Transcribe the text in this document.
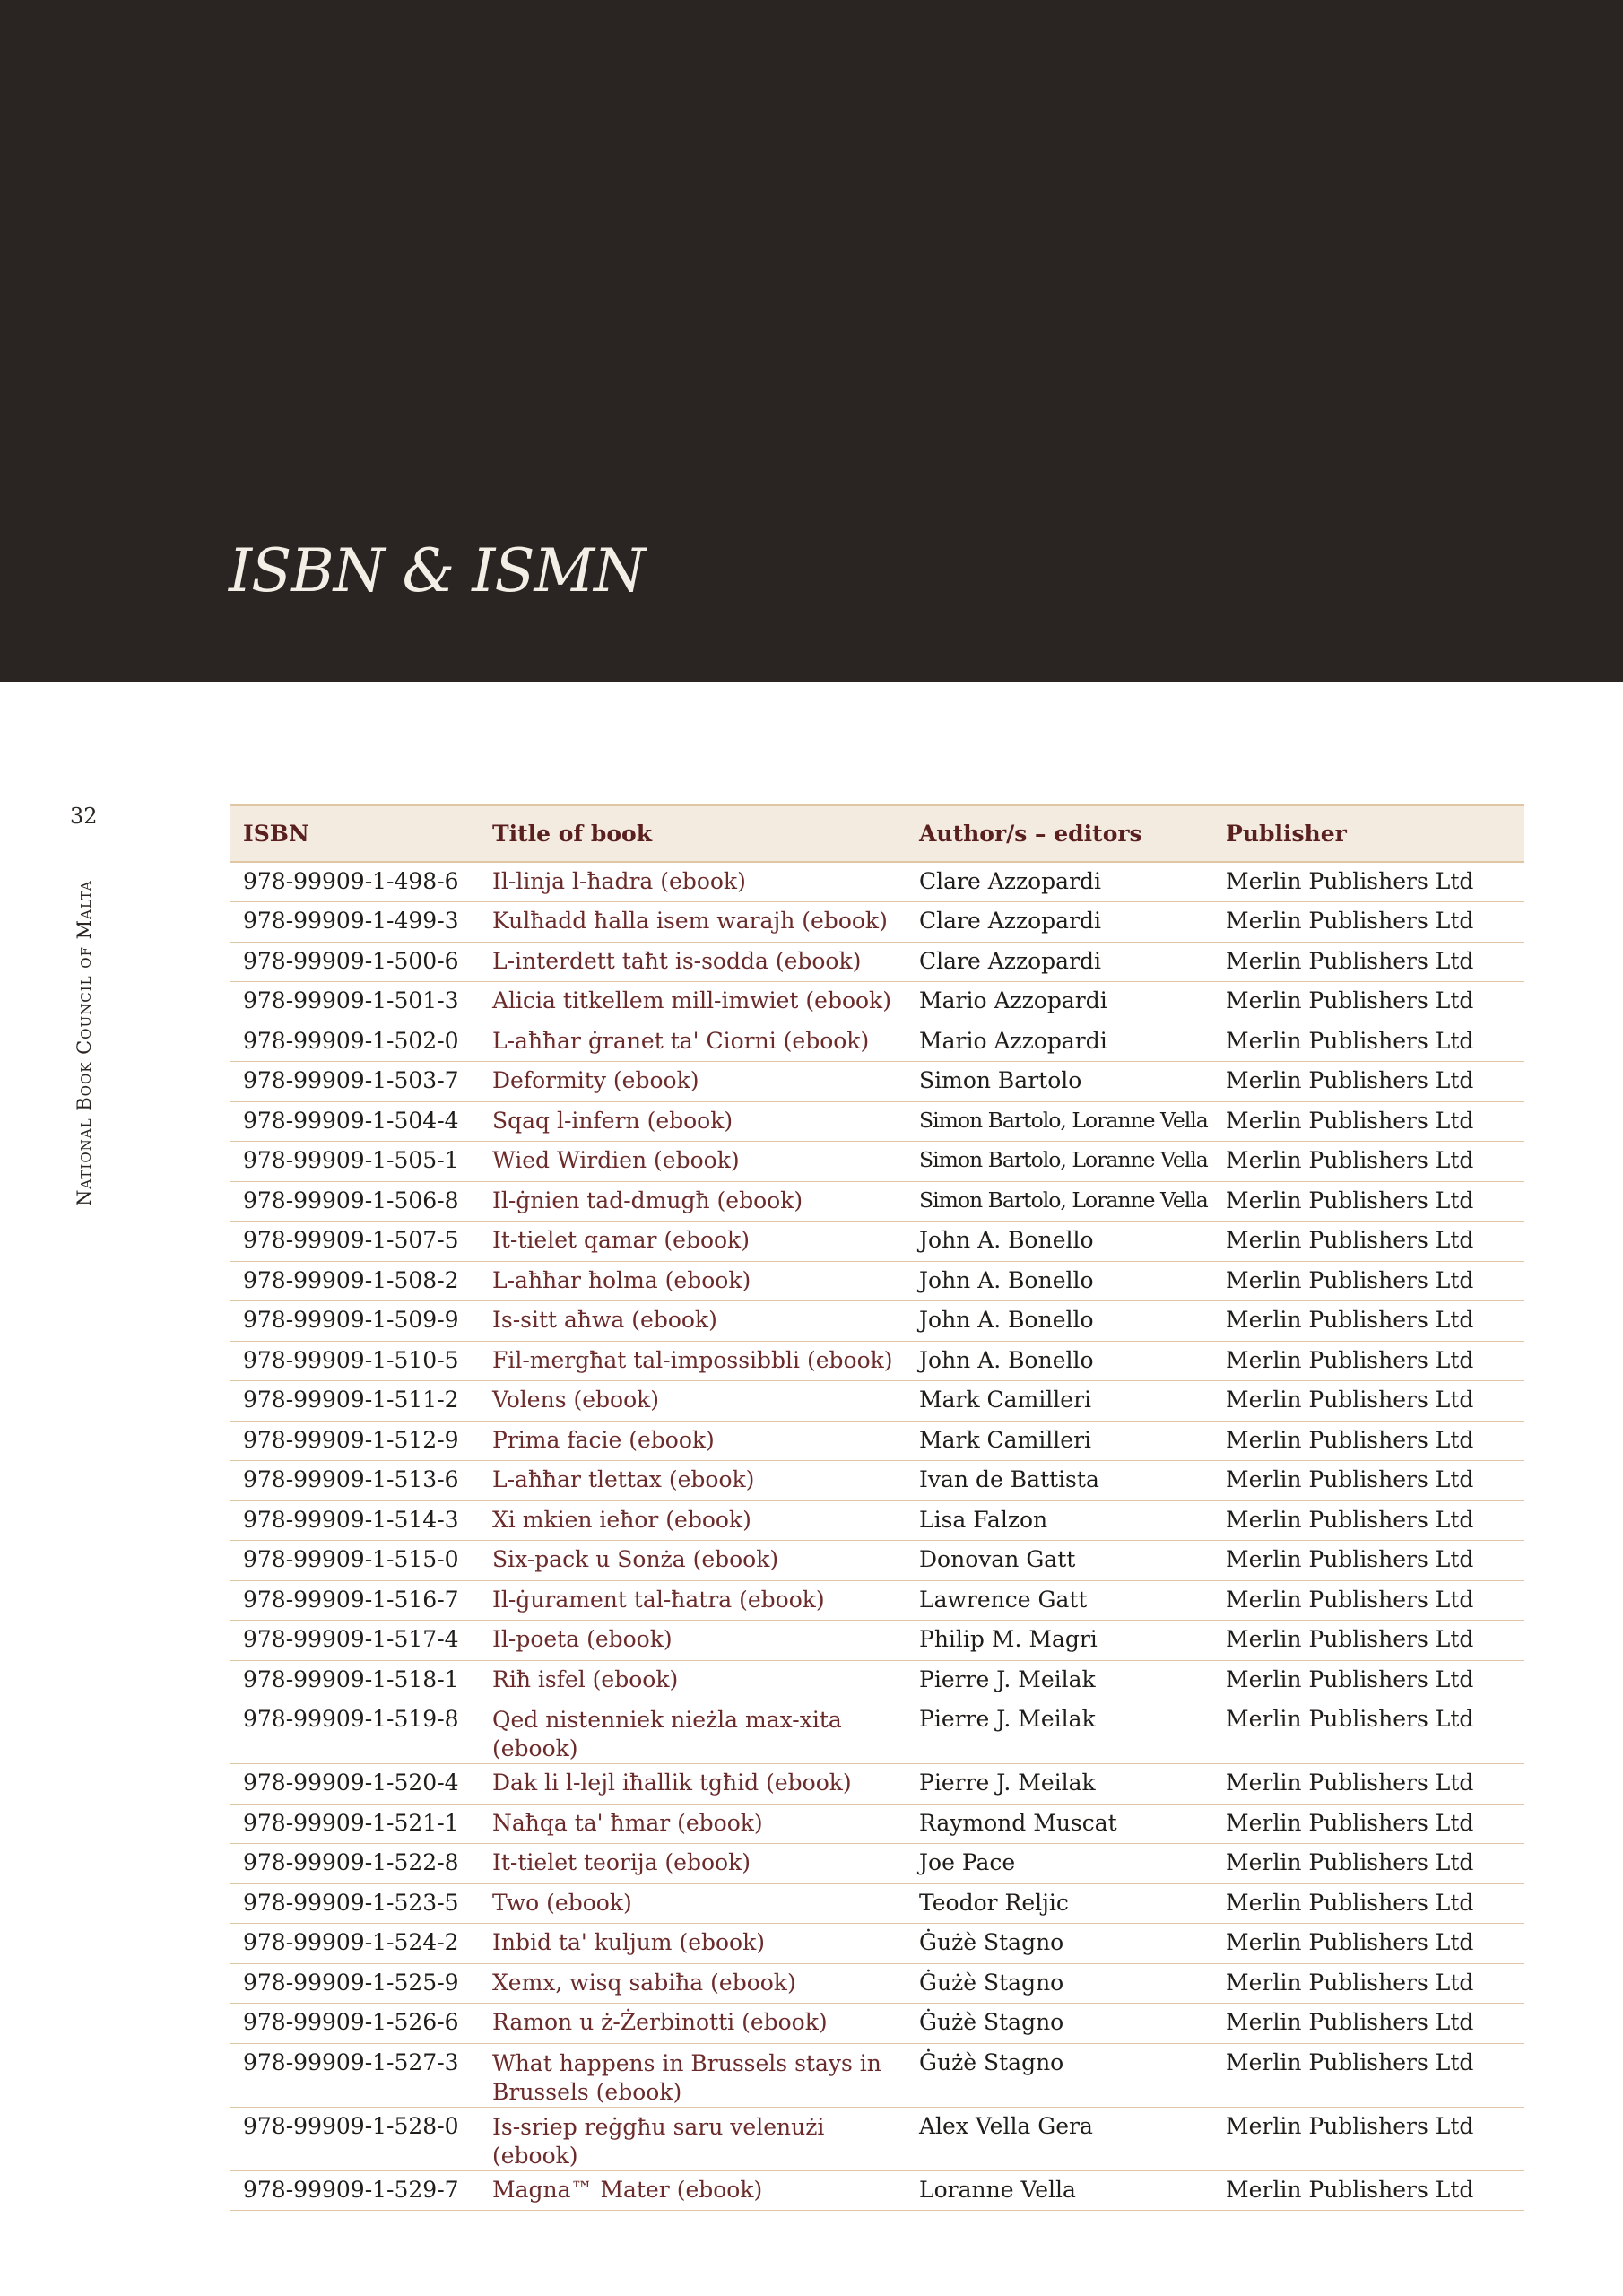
ISBN & ISMN
32
National Book Council of Malta
ISBN	Title of book	Author/s – editors	Publisher
978-99909-1-498-6	Il-linja l-ħadra (ebook)	Clare Azzopardi	Merlin Publishers Ltd
978-99909-1-499-3	Kulħadd ħalla isem warajh (ebook)	Clare Azzopardi	Merlin Publishers Ltd
978-99909-1-500-6	L-interdett taħt is-sodda (ebook)	Clare Azzopardi	Merlin Publishers Ltd
978-99909-1-501-3	Alicia titkellem mill-imwiet (ebook)	Mario Azzopardi	Merlin Publishers Ltd
978-99909-1-502-0	L-aħħar ġranet ta' Ciorni (ebook)	Mario Azzopardi	Merlin Publishers Ltd
978-99909-1-503-7	Deformity (ebook)	Simon Bartolo	Merlin Publishers Ltd
978-99909-1-504-4	Sqaq l-infern (ebook)	Simon Bartolo, Loranne Vella	Merlin Publishers Ltd
978-99909-1-505-1	Wied Wirdien (ebook)	Simon Bartolo, Loranne Vella	Merlin Publishers Ltd
978-99909-1-506-8	Il-ġnien tad-dmugħ (ebook)	Simon Bartolo, Loranne Vella	Merlin Publishers Ltd
978-99909-1-507-5	It-tielet qamar (ebook)	John A. Bonello	Merlin Publishers Ltd
978-99909-1-508-2	L-aħħar ħolma (ebook)	John A. Bonello	Merlin Publishers Ltd
978-99909-1-509-9	Is-sitt aħwa (ebook)	John A. Bonello	Merlin Publishers Ltd
978-99909-1-510-5	Fil-mergħat tal-impossibbli (ebook)	John A. Bonello	Merlin Publishers Ltd
978-99909-1-511-2	Volens (ebook)	Mark Camilleri	Merlin Publishers Ltd
978-99909-1-512-9	Prima facie (ebook)	Mark Camilleri	Merlin Publishers Ltd
978-99909-1-513-6	L-aħħar tlettax (ebook)	Ivan de Battista	Merlin Publishers Ltd
978-99909-1-514-3	Xi mkien ieħor (ebook)	Lisa Falzon	Merlin Publishers Ltd
978-99909-1-515-0	Six-pack u Sonża (ebook)	Donovan Gatt	Merlin Publishers Ltd
978-99909-1-516-7	Il-ġurament tal-ħatra (ebook)	Lawrence Gatt	Merlin Publishers Ltd
978-99909-1-517-4	Il-poeta (ebook)	Philip M. Magri	Merlin Publishers Ltd
978-99909-1-518-1	Riħ isfel (ebook)	Pierre J. Meilak	Merlin Publishers Ltd
978-99909-1-519-8	Qed nistenniek nieżla max-xita (ebook)	Pierre J. Meilak	Merlin Publishers Ltd
978-99909-1-520-4	Dak li l-lejl iħallik tgħid (ebook)	Pierre J. Meilak	Merlin Publishers Ltd
978-99909-1-521-1	Naħqa ta' ħmar (ebook)	Raymond Muscat	Merlin Publishers Ltd
978-99909-1-522-8	It-tielet teorija (ebook)	Joe Pace	Merlin Publishers Ltd
978-99909-1-523-5	Two (ebook)	Teodor Reljic	Merlin Publishers Ltd
978-99909-1-524-2	Inbid ta' kuljum (ebook)	Ġużè Stagno	Merlin Publishers Ltd
978-99909-1-525-9	Xemx, wisq sabiħa (ebook)	Ġużè Stagno	Merlin Publishers Ltd
978-99909-1-526-6	Ramon u ż-Żerbinotti (ebook)	Ġużè Stagno	Merlin Publishers Ltd
978-99909-1-527-3	What happens in Brussels stays in Brussels (ebook)	Ġużè Stagno	Merlin Publishers Ltd
978-99909-1-528-0	Is-sriep reġgħu saru velenużi (ebook)	Alex Vella Gera	Merlin Publishers Ltd
978-99909-1-529-7	Magna™ Mater (ebook)	Loranne Vella	Merlin Publishers Ltd
